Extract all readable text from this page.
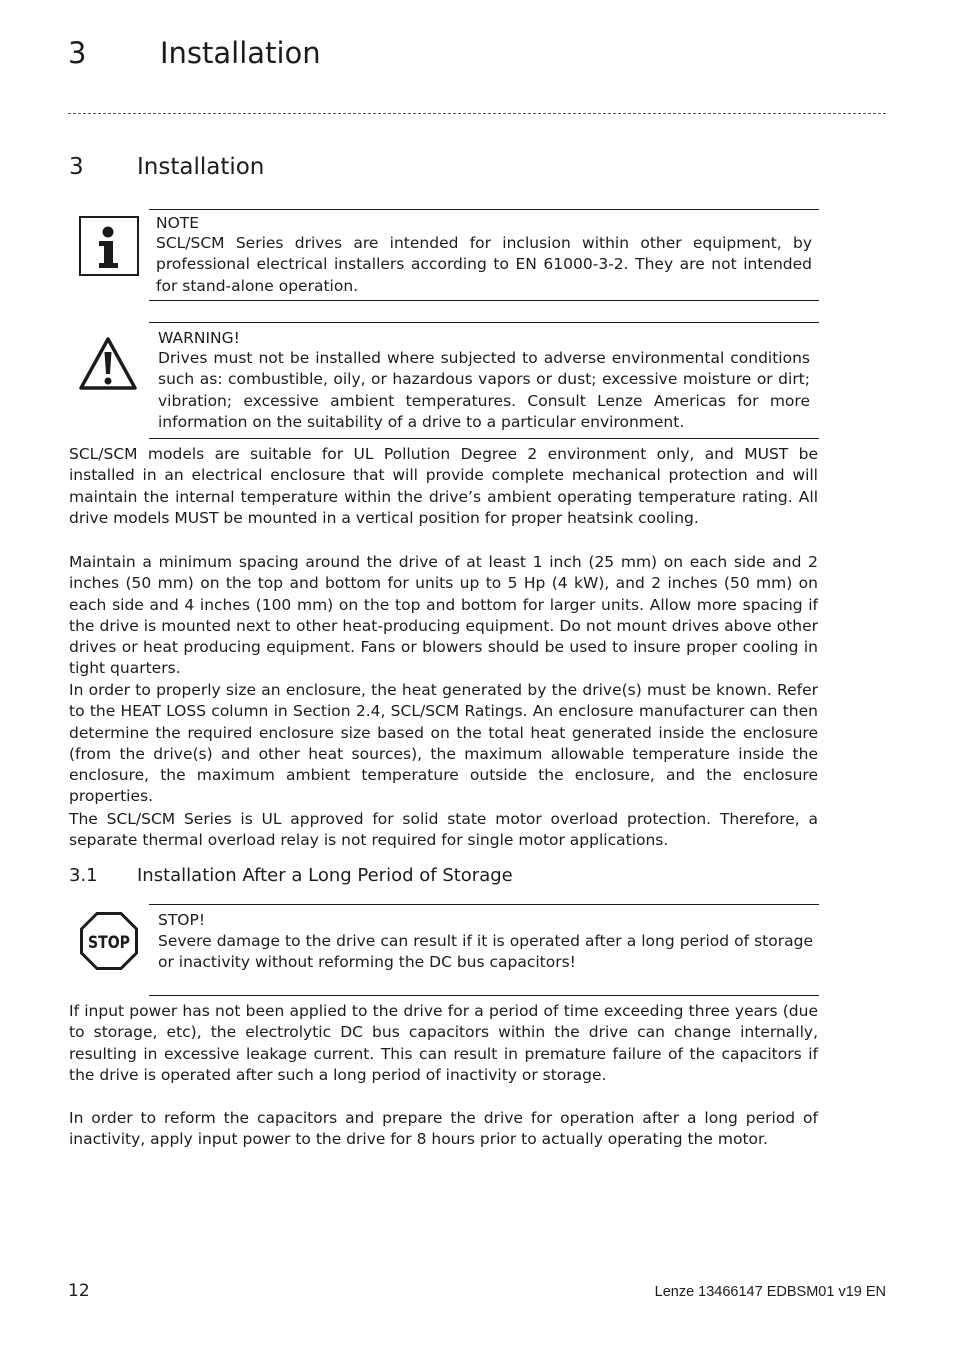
3	Installation
3 Installation
NOTE
SCL/SCM Series drives are intended for inclusion within other equipment, by professional electrical installers according to EN 61000-3-2. They are not intended for stand-alone operation.
WARNING!
Drives must not be installed where subjected to adverse environmental conditions such as: combustible, oily, or hazardous vapors or dust; excessive moisture or dirt; vibration; excessive ambient temperatures. Consult Lenze Americas for more information on the suitability of a drive to a particular environment.
SCL/SCM models are suitable for UL Pollution Degree 2 environment only, and MUST be installed in an electrical enclosure that will provide complete mechanical protection and will maintain the internal temperature within the drive’s ambient operating temperature rating. All drive models MUST be mounted in a vertical position for proper heatsink cooling.
Maintain a minimum spacing around the drive of at least 1 inch (25 mm) on each side and 2 inches (50 mm) on the top and bottom for units up to 5 Hp (4 kW), and 2 inches (50 mm) on each side and 4 inches (100 mm) on the top and bottom for larger units. Allow more spacing if the drive is mounted next to other heat-producing equipment. Do not mount drives above other drives or heat producing equipment. Fans or blowers should be used to insure proper cooling in tight quarters.
In order to properly size an enclosure, the heat generated by the drive(s) must be known. Refer to the HEAT LOSS column in Section 2.4, SCL/SCM Ratings. An enclosure manufacturer can then determine the required enclosure size based on the total heat generated inside the enclosure (from the drive(s) and other heat sources), the maximum allowable temperature inside the enclosure, the maximum ambient temperature outside the enclosure, and the enclosure properties.
The SCL/SCM Series is UL approved for solid state motor overload protection. Therefore, a separate thermal overload relay is not required for single motor applications.
3.1 Installation After a Long Period of Storage
STOP
STOP!
Severe damage to the drive can result if it is operated after a long period of storage or inactivity without reforming the DC bus capacitors!
If input power has not been applied to the drive for a period of time exceeding three years (due to storage, etc), the electrolytic DC bus capacitors within the drive can change internally, resulting in excessive leakage current. This can result in premature failure of the capacitors if the drive is operated after such a long period of inactivity or storage.
In order to reform the capacitors and prepare the drive for operation after a long period of inactivity, apply input power to the drive for 8 hours prior to actually operating the motor.
12	Lenze 13466147 EDBSM01 v19 EN
